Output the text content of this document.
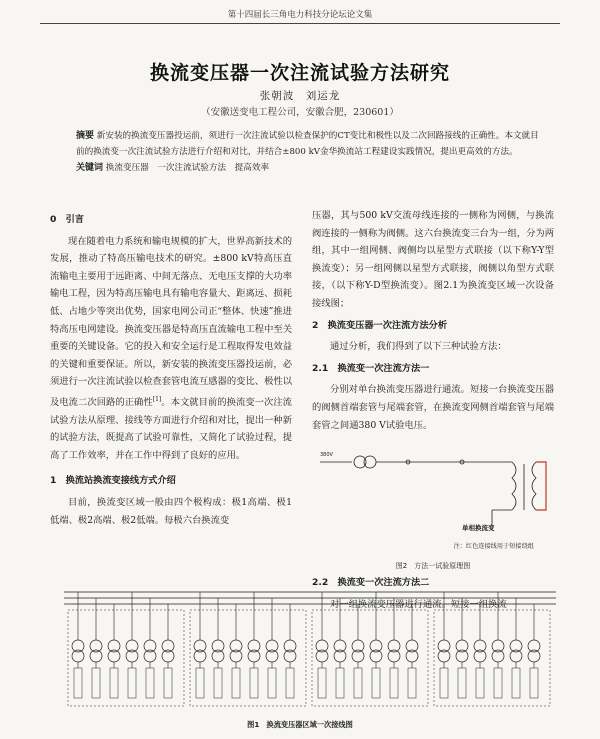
第十四届长三角电力科技分论坛论文集
换流变压器一次注流试验方法研究
张朝波　刘运龙
（安徽送变电工程公司，安徽合肥，230601）
摘要 新安装的换流变压器投运前，须进行一次注流试验以检查保护的CT变比和极性以及二次回路接线的正确性。本文就目前的换流变一次注流试验方法进行介绍和对比，并结合±800 kV金华换流站工程建设实践情况，提出更高效的方法。
关键词 换流变压器　一次注流试验方法　提高效率
0　引言

现在随着电力系统和输电规模的扩大，世界高新技术的发展，推动了特高压输电技术的研究。±800 kV特高压直流输电主要用于远距离、中间无落点、无电压支撑的大功率输电工程，因为特高压输电具有输电容量大、距离远、损耗低、占地少等突出优势，国家电网公司正“整体、快速”推进特高压电网建设。换流变压器是特高压直流输电工程中至关重要的关键设备。它的投入和安全运行是工程取得发电效益的关键和重要保证。所以，新安装的换流变压器投运前，必须进行一次注流试验以检查套管电流互感器的变比、极性以及电流二次回路的正确性[1]。本文就目前的换流变一次注流试验方法从原理、接线等方面进行介绍和对比，提出一种新的试验方法，既提高了试验可靠性，又简化了试验过程，提高了工作效率，并在工作中得到了良好的应用。

1　换流站换流变接线方式介绍

目前，换流变区域一般由四个极构成：极1高端、极1低端、极2高端、极2低端。每极六台换流变

压器，其与500 kV交流母线连接的一侧称为网侧，与换流阀连接的一侧称为阀侧。这六台换流变三台为一组，分为两组，其中一组网侧、阀侧均以星型方式联接（以下称Y-Y型换流变）；另一组网侧以星型方式联接，阀侧以角型方式联接，（以下称Y-D型换流变）。图2.1为换流变区域一次设备接线图；

2　换流变压器一次注流方法分析

通过分析，我们得到了以下三种试验方法：

2.1　换流变一次注流方法一

分别对单台换流变压器进行通流。短接一台换流变压器的阀侧首端套管与尾端套管，在换流变网侧首端套管与尾端套管之间通380 V试验电压。

380V
单相换流变
注：红色连接线用于短接绕组
图2　方法一试验原理图
2.2　换流变一次注流方法二

对一组换流变压器进行通流。短接一组换流

图1　换流变压器区域一次接线图
